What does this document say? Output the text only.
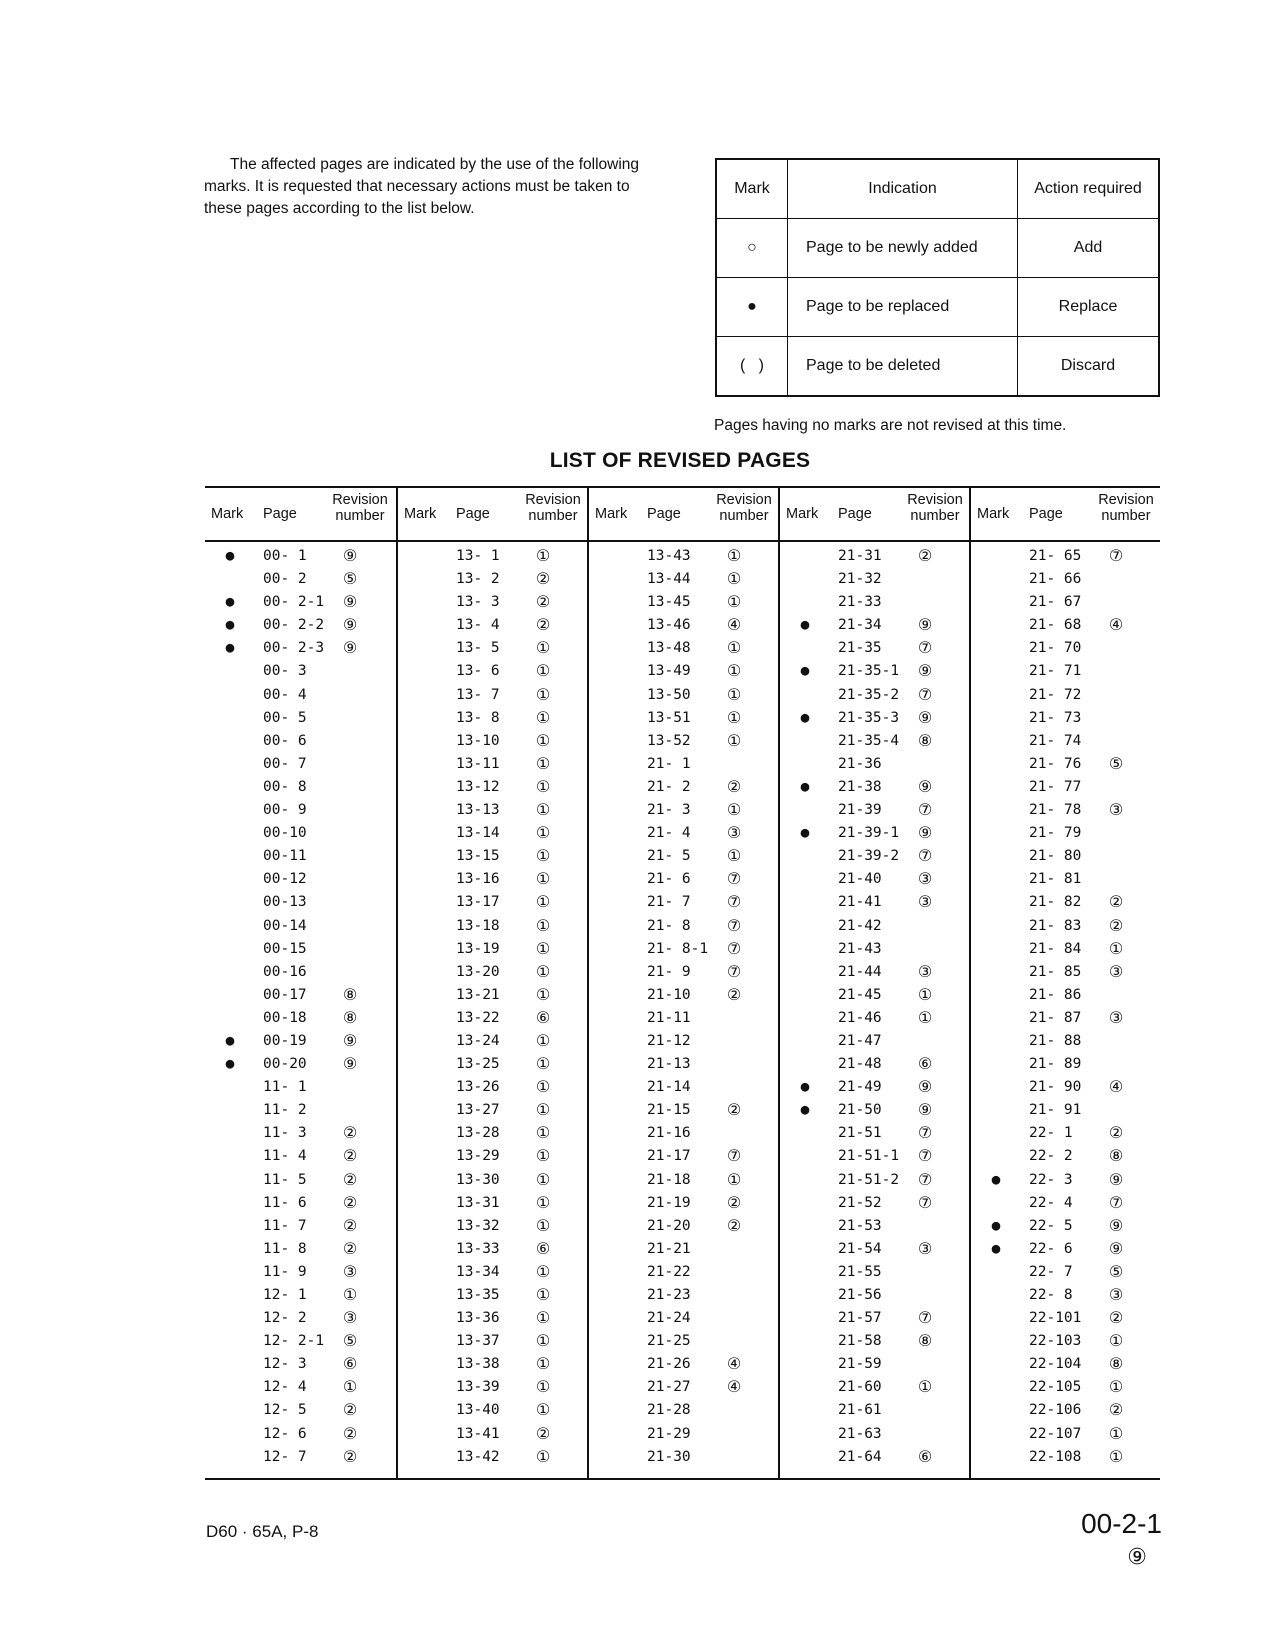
The affected pages are indicated by the use of the following marks. It is requested that necessary actions must be taken to these pages according to the list below.
Mark	Indication	Action required
○	Page to be newly added	Add
●	Page to be replaced	Replace
(   )	Page to be deleted	Discard
Pages having no marks are not revised at this time.
LIST OF REVISED PAGES
Mark Page
Revision
number
● 00- 1 ⑨
00- 2 ⑤
● 00- 2-1 ⑨
● 00- 2-2 ⑨
● 00- 2-3 ⑨
00- 3
00- 4
00- 5
00- 6
00- 7
00- 8
00- 9
00-10
00-11
00-12
00-13
00-14
00-15
00-16
00-17 ⑧
00-18 ⑧
● 00-19 ⑨
● 00-20 ⑨
11- 1
11- 2
11- 3 ②
11- 4 ②
11- 5 ②
11- 6 ②
11- 7 ②
11- 8 ②
11- 9 ③
12- 1 ①
12- 2 ③
12- 2-1 ⑤
12- 3 ⑥
12- 4 ①
12- 5 ②
12- 6 ②
12- 7 ②
Mark Page
Revision
number
13- 1 ①
13- 2 ②
13- 3 ②
13- 4 ②
13- 5 ①
13- 6 ①
13- 7 ①
13- 8 ①
13-10 ①
13-11 ①
13-12 ①
13-13 ①
13-14 ①
13-15 ①
13-16 ①
13-17 ①
13-18 ①
13-19 ①
13-20 ①
13-21 ①
13-22 ⑥
13-24 ①
13-25 ①
13-26 ①
13-27 ①
13-28 ①
13-29 ①
13-30 ①
13-31 ①
13-32 ①
13-33 ⑥
13-34 ①
13-35 ①
13-36 ①
13-37 ①
13-38 ①
13-39 ①
13-40 ①
13-41 ②
13-42 ①
Mark Page
Revision
number
13-43 ①
13-44 ①
13-45 ①
13-46 ④
13-48 ①
13-49 ①
13-50 ①
13-51 ①
13-52 ①
21- 1
21- 2 ②
21- 3 ①
21- 4 ③
21- 5 ①
21- 6 ⑦
21- 7 ⑦
21- 8 ⑦
21- 8-1 ⑦
21- 9 ⑦
21-10 ②
21-11
21-12
21-13
21-14
21-15 ②
21-16
21-17 ⑦
21-18 ①
21-19 ②
21-20 ②
21-21
21-22
21-23
21-24
21-25
21-26 ④
21-27 ④
21-28
21-29
21-30
Mark Page
Revision
number
21-31 ②
21-32
21-33
● 21-34 ⑨
21-35 ⑦
● 21-35-1 ⑨
21-35-2 ⑦
● 21-35-3 ⑨
21-35-4 ⑧
21-36
● 21-38 ⑨
21-39 ⑦
● 21-39-1 ⑨
21-39-2 ⑦
21-40 ③
21-41 ③
21-42
21-43
21-44 ③
21-45 ①
21-46 ①
21-47
21-48 ⑥
● 21-49 ⑨
● 21-50 ⑨
21-51 ⑦
21-51-1 ⑦
21-51-2 ⑦
21-52 ⑦
21-53
21-54 ③
21-55
21-56
21-57 ⑦
21-58 ⑧
21-59
21-60 ①
21-61
21-63
21-64 ⑥
Mark Page
Revision
number
21- 65 ⑦
21- 66
21- 67
21- 68 ④
21- 70
21- 71
21- 72
21- 73
21- 74
21- 76 ⑤
21- 77
21- 78 ③
21- 79
21- 80
21- 81
21- 82 ②
21- 83 ②
21- 84 ①
21- 85 ③
21- 86
21- 87 ③
21- 88
21- 89
21- 90 ④
21- 91
22- 1 ②
22- 2 ⑧
● 22- 3 ⑨
22- 4 ⑦
● 22- 5 ⑨
● 22- 6 ⑨
22- 7 ⑤
22- 8 ③
22-101 ②
22-103 ①
22-104 ⑧
22-105 ①
22-106 ②
22-107 ①
22-108 ①
D60 · 65A, P-8	00-2-1
⑨
